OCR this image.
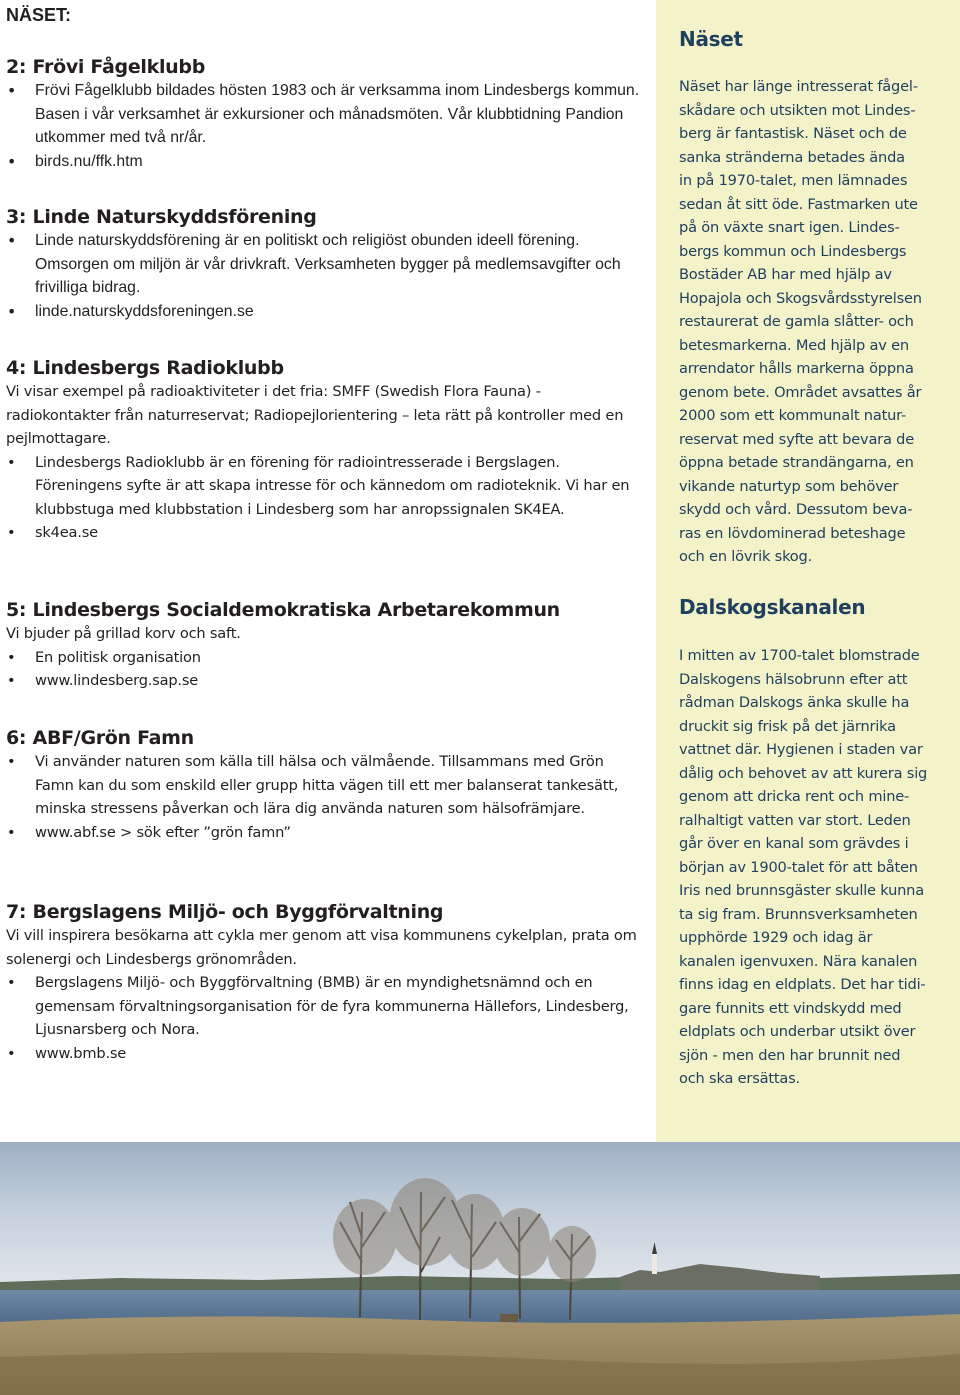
NÄSET:
2: Frövi Fågelklubb
• Frövi Fågelklubb bildades hösten 1983 och är verksamma inom Lindesbergs kommun. Basen i vår verksamhet är exkursioner och månadsmöten. Vår klubbtidning Pandion utkommer med två nr/år.
• birds.nu/ffk.htm
3: Linde Naturskyddsförening
• Linde naturskyddsförening är en politiskt och religiöst obunden ideell förening. Omsorgen om miljön är vår drivkraft. Verksamheten bygger på medlemsavgifter och frivilliga bidrag.
• linde.naturskyddsforeningen.se
4: Lindesbergs Radioklubb

Vi visar exempel på radioaktiviteter i det fria: SMFF (Swedish Flora Fauna) - radiokontakter från naturreservat; Radiopejlorientering – leta rätt på kontroller med en pejlmottagare.

• Lindesbergs Radioklubb är en förening för radiointresserade i Bergslagen. Föreningens syfte är att skapa intresse för och kännedom om radioteknik. Vi har en klubbstuga med klubbstation i Lindesberg som har anropssignalen SK4EA.
• sk4ea.se
5: Lindesbergs Socialdemokratiska Arbetarekommun

Vi bjuder på grillad korv och saft.

• En politisk organisation
• www.lindesberg.sap.se
6: ABF/Grön Famn
• Vi använder naturen som källa till hälsa och välmående. Tillsammans med Grön Famn kan du som enskild eller grupp hitta vägen till ett mer balanserat tankesätt, minska stressens påverkan och lära dig använda naturen som hälsofrämjare.
• www.abf.se > sök efter ”grön famn”
7: Bergslagens Miljö- och Byggförvaltning

Vi vill inspirera besökarna att cykla mer genom att visa kommunens cykelplan, prata om solenergi och Lindesbergs grönområden.

• Bergslagens Miljö- och Byggförvaltning (BMB) är en myndighetsnämnd och en gemensam förvaltningsorganisation för de fyra kommunerna Hällefors, Lindesberg, Ljusnarsberg och Nora.
• www.bmb.se
Näset

Näset har länge intresserat fågel-
skådare och utsikten mot Lindes-
berg är fantastisk. Näset och de
sanka stränderna betades ända
in på 1970-talet, men lämnades
sedan åt sitt öde. Fastmarken ute
på ön växte snart igen. Lindes-
bergs kommun och Lindesbergs
Bostäder AB har med hjälp av
Hopajola och Skogsvårdsstyrelsen
restaurerat de gamla slåtter- och
betesmarkerna. Med hjälp av en
arrendator hålls markerna öppna
genom bete. Området avsattes år
2000 som ett kommunalt natur-
reservat med syfte att bevara de
öppna betade strandängarna, en
vikande naturtyp som behöver
skydd och vård. Dessutom beva-
ras en lövdominerad beteshage
och en lövrik skog.

Dalskogskanalen

I mitten av 1700-talet blomstrade
Dalskogens hälsobrunn efter att
rådman Dalskogs änka skulle ha
druckit sig frisk på det järnrika
vattnet där. Hygienen i staden var
dålig och behovet av att kurera sig
genom att dricka rent och mine-
ralhaltigt vatten var stort. Leden
går över en kanal som grävdes i
början av 1900-talet för att båten
Iris ned brunnsgäster skulle kunna
ta sig fram. Brunnsverksamheten
upphörde 1929 och idag är
kanalen igenvuxen. Nära kanalen
finns idag en eldplats. Det har tidi-
gare funnits ett vindskydd med
eldplats och underbar utsikt över
sjön - men den har brunnit ned
och ska ersättas.
